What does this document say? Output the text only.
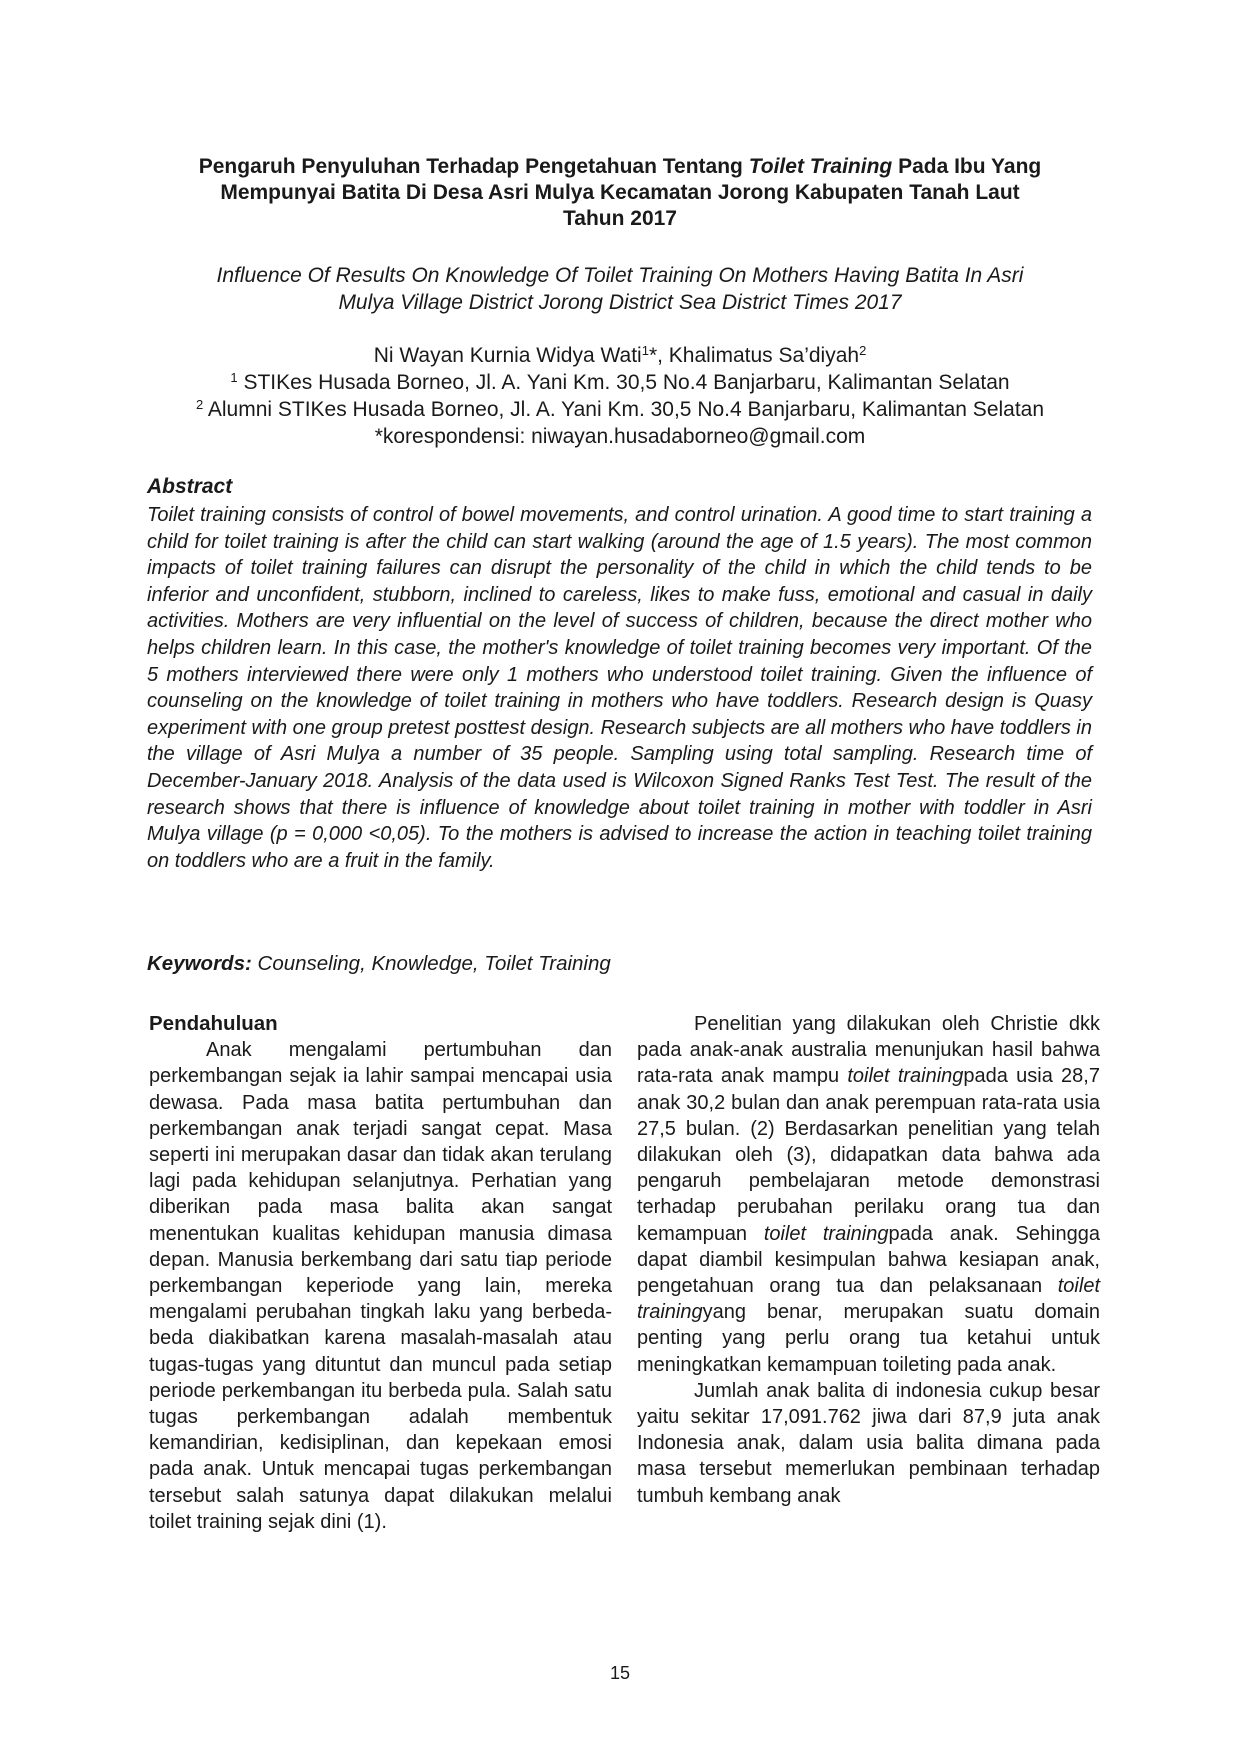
Pengaruh Penyuluhan Terhadap Pengetahuan Tentang Toilet Training Pada Ibu Yang
Mempunyai Batita Di Desa Asri Mulya Kecamatan Jorong Kabupaten Tanah Laut
Tahun 2017
Influence Of Results On Knowledge Of Toilet Training On Mothers Having Batita In Asri
Mulya Village District Jorong District Sea District Times 2017
Ni Wayan Kurnia Widya Wati$^1$*, Khalimatus Sa’diyah$^2$
$^1$ STIKes Husada Borneo, Jl. A. Yani Km. 30,5 No.4 Banjarbaru, Kalimantan Selatan
$^2$ Alumni STIKes Husada Borneo, Jl. A. Yani Km. 30,5 No.4 Banjarbaru, Kalimantan Selatan
*korespondensi: niwayan.husadaborneo@gmail.com
Abstract
Toilet training consists of control of bowel movements, and control urination. A good time to start training a child for toilet training is after the child can start walking (around the age of 1.5 years). The most common impacts of toilet training failures can disrupt the personality of the child in which the child tends to be inferior and unconfident, stubborn, inclined to careless, likes to make fuss, emotional and casual in daily activities. Mothers are very influential on the level of success of children, because the direct mother who helps children learn. In this case, the mother's knowledge of toilet training becomes very important. Of the 5 mothers interviewed there were only 1 mothers who understood toilet training. Given the influence of counseling on the knowledge of toilet training in mothers who have toddlers. Research design is Quasy experiment with one group pretest posttest design. Research subjects are all mothers who have toddlers in the village of Asri Mulya a number of 35 people. Sampling using total sampling. Research time of December-January 2018. Analysis of the data used is Wilcoxon Signed Ranks Test Test. The result of the research shows that there is influence of knowledge about toilet training in mother with toddler in Asri Mulya village (p = 0,000 <0,05). To the mothers is advised to increase the action in teaching toilet training on toddlers who are a fruit in the family.
Keywords: Counseling, Knowledge, Toilet Training
Pendahuluan

Anak mengalami pertumbuhan dan perkembangan sejak ia lahir sampai mencapai usia dewasa. Pada masa batita pertumbuhan dan perkembangan anak terjadi sangat cepat. Masa seperti ini merupakan dasar dan tidak akan terulang lagi pada kehidupan selanjutnya. Perhatian yang diberikan pada masa balita akan sangat menentukan kualitas kehidupan manusia dimasa depan. Manusia berkembang dari satu tiap periode perkembangan keperiode yang lain, mereka mengalami perubahan tingkah laku yang berbeda-beda diakibatkan karena masalah-masalah atau tugas-tugas yang dituntut dan muncul pada setiap periode perkembangan itu berbeda pula. Salah satu tugas perkembangan adalah membentuk kemandirian, kedisiplinan, dan kepekaan emosi pada anak. Untuk mencapai tugas perkembangan tersebut salah satunya dapat dilakukan melalui toilet training sejak dini (1).

Penelitian yang dilakukan oleh Christie dkk pada anak-anak australia menunjukan hasil bahwa rata-rata anak mampu toilet trainingpada usia 28,7 anak 30,2 bulan dan anak perempuan rata-rata usia 27,5 bulan. (2) Berdasarkan penelitian yang telah dilakukan oleh (3), didapatkan data bahwa ada pengaruh pembelajaran metode demonstrasi terhadap perubahan perilaku orang tua dan kemampuan toilet trainingpada anak. Sehingga dapat diambil kesimpulan bahwa kesiapan anak, pengetahuan orang tua dan pelaksanaan toilet trainingyang benar, merupakan suatu domain penting yang perlu orang tua ketahui untuk meningkatkan kemampuan toileting pada anak.

Jumlah anak balita di indonesia cukup besar yaitu sekitar 17,091.762 jiwa dari 87,9 juta anak Indonesia anak, dalam usia balita dimana pada masa tersebut memerlukan pembinaan terhadap tumbuh kembang anak

15
